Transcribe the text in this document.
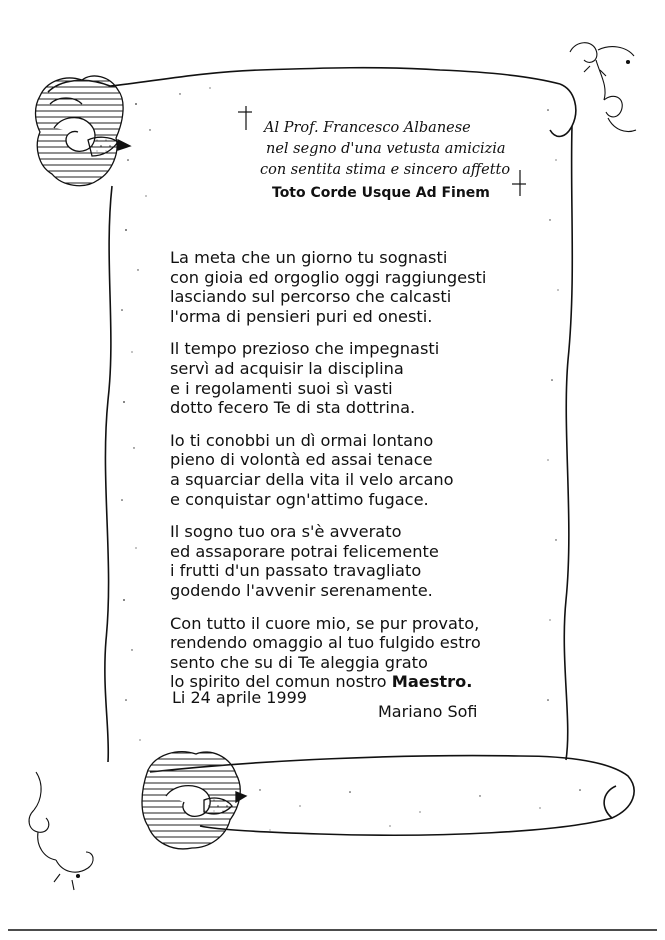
Al Prof. Francesco Albanese
nel segno d'una vetusta amicizia
con sentita stima e sincero affetto
Toto Corde Usque Ad Finem
La meta che un giorno tu sognasti
con gioia ed orgoglio oggi raggiungesti
lasciando sul percorso che calcasti
l'orma di pensieri puri ed onesti.
Il tempo prezioso che impegnasti
servì ad acquisir la disciplina
e i regolamenti suoi sì vasti
dotto fecero Te di sta dottrina.
Io ti conobbi un dì ormai lontano
pieno di volontà ed assai tenace
a squarciar della vita il velo arcano
e conquistar ogn'attimo fugace.
Il sogno tuo ora s'è avverato
ed assaporare potrai felicemente
i frutti d'un passato travagliato
godendo l'avvenir serenamente.
Con tutto il cuore mio, se pur provato,
rendendo omaggio al tuo fulgido estro
sento che su di Te aleggia grato
lo spirito del comun nostro Maestro.
Li 24 aprile 1999
Mariano Sofi
